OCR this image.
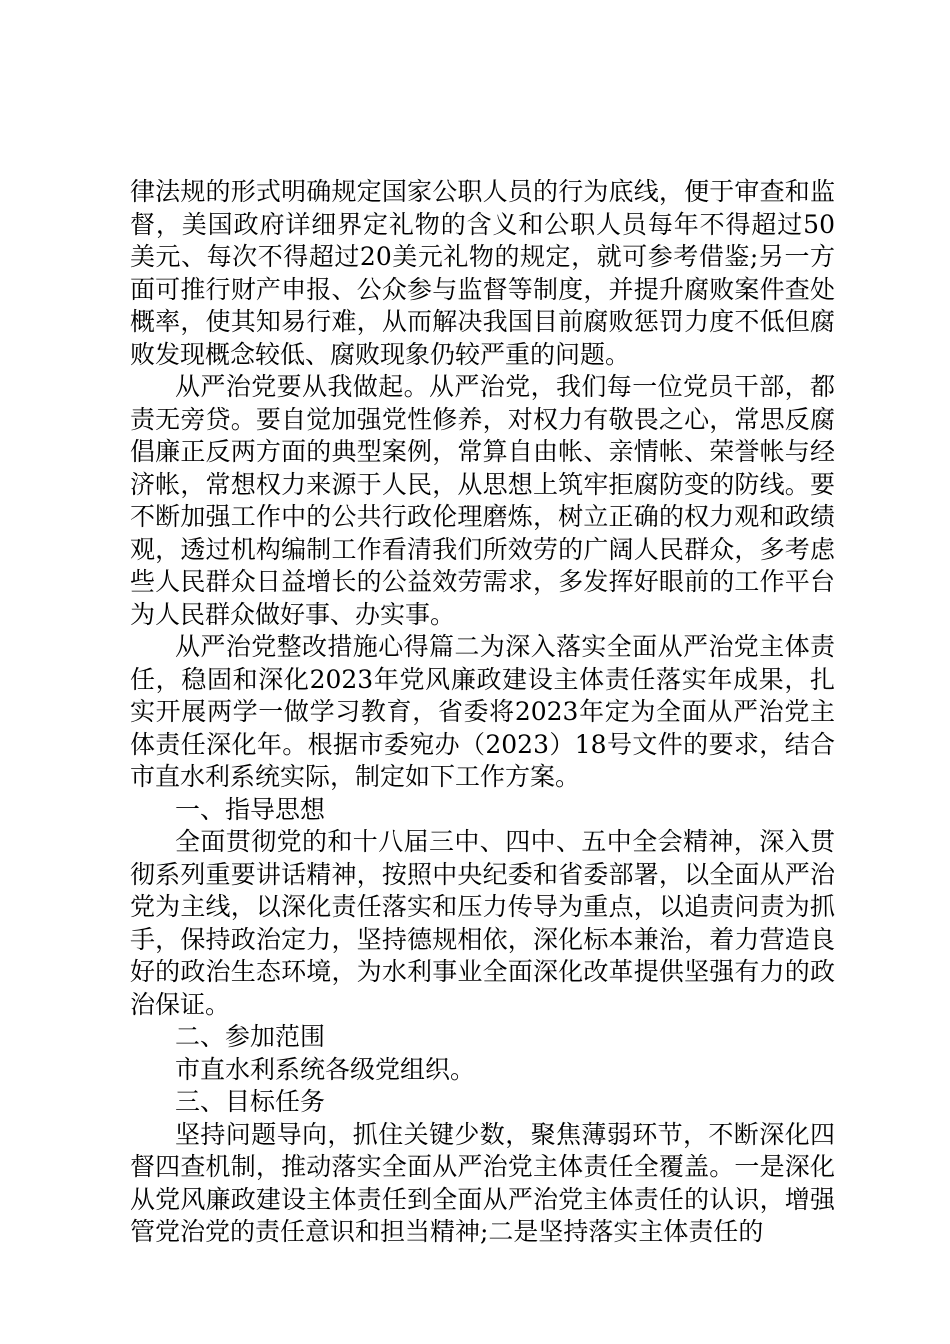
律法规的形式明确规定国家公职人员的行为底线，便于审查和监督，美国政府详细界定礼物的含义和公职人员每年不得超过50美元、每次不得超过20美元礼物的规定，就可参考借鉴;另一方面可推行财产申报、公众参与监督等制度，并提升腐败案件查处概率，使其知易行难，从而解决我国目前腐败惩罚力度不低但腐败发现概念较低、腐败现象仍较严重的问题。

从严治党要从我做起。从严治党，我们每一位党员干部，都责无旁贷。要自觉加强党性修养，对权力有敬畏之心，常思反腐倡廉正反两方面的典型案例，常算自由帐、亲情帐、荣誉帐与经济帐，常想权力来源于人民，从思想上筑牢拒腐防变的防线。要不断加强工作中的公共行政伦理磨炼，树立正确的权力观和政绩观，透过机构编制工作看清我们所效劳的广阔人民群众，多考虑些人民群众日益增长的公益效劳需求，多发挥好眼前的工作平台为人民群众做好事、办实事。

从严治党整改措施心得篇二为深入落实全面从严治党主体责任，稳固和深化2023年党风廉政建设主体责任落实年成果，扎实开展两学一做学习教育，省委将2023年定为全面从严治党主体责任深化年。根据市委宛办（2023）18号文件的要求，结合市直水利系统实际，制定如下工作方案。

一、指导思想

全面贯彻党的和十八届三中、四中、五中全会精神，深入贯彻系列重要讲话精神，按照中央纪委和省委部署，以全面从严治党为主线，以深化责任落实和压力传导为重点，以追责问责为抓手，保持政治定力，坚持德规相依，深化标本兼治，着力营造良好的政治生态环境，为水利事业全面深化改革提供坚强有力的政治保证。

二、参加范围

市直水利系统各级党组织。

三、目标任务

坚持问题导向，抓住关键少数，聚焦薄弱环节，不断深化四督四查机制，推动落实全面从严治党主体责任全覆盖。一是深化从党风廉政建设主体责任到全面从严治党主体责任的认识，增强管党治党的责任意识和担当精神;二是坚持落实主体责任的
